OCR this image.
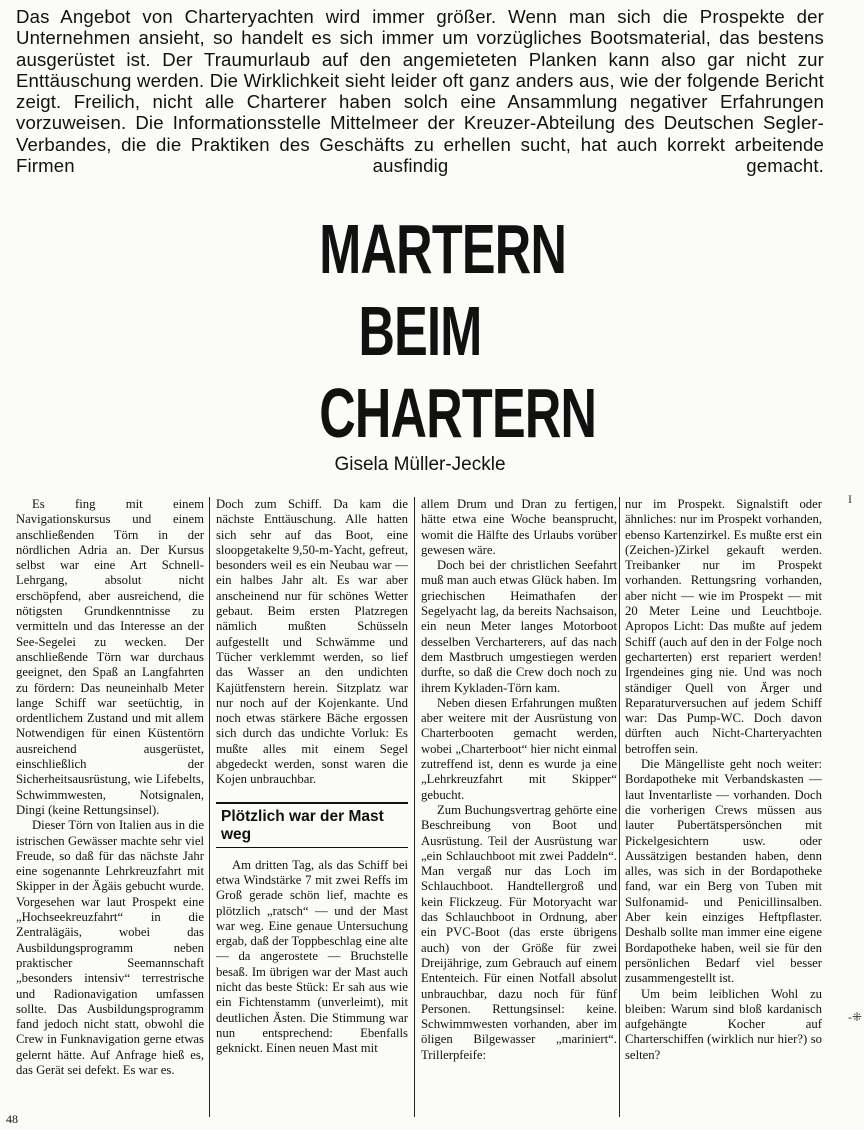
Das Angebot von Charteryachten wird immer größer. Wenn man sich die Prospekte der Unternehmen ansieht, so handelt es sich immer um vorzügliches Bootsmaterial, das bestens ausgerüstet ist. Der Traumurlaub auf den angemieteten Planken kann also gar nicht zur Enttäuschung werden. Die Wirklichkeit sieht leider oft ganz anders aus, wie der folgende Bericht zeigt. Freilich, nicht alle Charterer haben solch eine Ansammlung negativer Erfahrungen vorzuweisen. Die Informationsstelle Mittelmeer der Kreuzer-Abteilung des Deutschen Segler-Verbandes, die die Praktiken des Geschäfts zu erhellen sucht, hat auch korrekt arbeitende Firmen ausfindig gemacht.

MARTERN
BEIM
CHARTERN
Gisela Müller-Jeckle

Es fing mit einem Navigationskursus und einem anschließenden Törn in der nördlichen Adria an. Der Kursus selbst war eine Art Schnell-Lehrgang, absolut nicht erschöpfend, aber ausreichend, die nötigsten Grundkenntnisse zu vermitteln und das Interesse an der See-Segelei zu wecken. Der anschließende Törn war durchaus geeignet, den Spaß an Langfahrten zu fördern: Das neuneinhalb Meter lange Schiff war seetüchtig, in ordentlichem Zustand und mit allem Notwendigen für einen Küstentörn ausreichend ausgerüstet, einschließlich der Sicherheitsausrüstung, wie Lifebelts, Schwimmwesten, Notsignalen, Dingi (keine Rettungsinsel).

Dieser Törn von Italien aus in die istrischen Gewässer machte sehr viel Freude, so daß für das nächste Jahr eine sogenannte Lehrkreuzfahrt mit Skipper in der Ägäis gebucht wurde. Vorgesehen war laut Prospekt eine „Hochseekreuzfahrt“ in die Zentralägäis, wobei das Ausbildungsprogramm neben praktischer Seemannschaft „besonders intensiv“ terrestrische und Radionavigation umfassen sollte. Das Ausbildungsprogramm fand jedoch nicht statt, obwohl die Crew in Funknavigation gerne etwas gelernt hätte. Auf Anfrage hieß es, das Gerät sei defekt. Es war es.

Doch zum Schiff. Da kam die nächste Enttäuschung. Alle hatten sich sehr auf das Boot, eine sloopgetakelte 9,50-m-Yacht, gefreut, besonders weil es ein Neubau war — ein halbes Jahr alt. Es war aber anscheinend nur für schönes Wetter gebaut. Beim ersten Platzregen nämlich mußten Schüsseln aufgestellt und Schwämme und Tücher verklemmt werden, so lief das Wasser an den undichten Kajütfenstern herein. Sitzplatz war nur noch auf der Kojenkante. Und noch etwas stärkere Bäche ergossen sich durch das undichte Vorluk: Es mußte alles mit einem Segel abgedeckt werden, sonst waren die Kojen unbrauchbar.

Plötzlich war der Mast weg

Am dritten Tag, als das Schiff bei etwa Windstärke 7 mit zwei Reffs im Groß gerade schön lief, machte es plötzlich „ratsch“ — und der Mast war weg. Eine genaue Untersuchung ergab, daß der Toppbeschlag eine alte — da angerostete — Bruchstelle besaß. Im übrigen war der Mast auch nicht das beste Stück: Er sah aus wie ein Fichtenstamm (unverleimt), mit deutlichen Ästen. Die Stimmung war nun entsprechend: Ebenfalls geknickt. Einen neuen Mast mit

allem Drum und Dran zu fertigen, hätte etwa eine Woche beansprucht, womit die Hälfte des Urlaubs vorüber gewesen wäre.

Doch bei der christlichen Seefahrt muß man auch etwas Glück haben. Im griechischen Heimathafen der Segelyacht lag, da bereits Nachsaison, ein neun Meter langes Motorboot desselben Vercharterers, auf das nach dem Mastbruch umgestiegen werden durfte, so daß die Crew doch noch zu ihrem Kykladen-Törn kam.

Neben diesen Erfahrungen mußten aber weitere mit der Ausrüstung von Charterbooten gemacht werden, wobei „Charterboot“ hier nicht einmal zutreffend ist, denn es wurde ja eine „Lehrkreuzfahrt mit Skipper“ gebucht.

Zum Buchungsvertrag gehörte eine Beschreibung von Boot und Ausrüstung. Teil der Ausrüstung war „ein Schlauchboot mit zwei Paddeln“. Man vergaß nur das Loch im Schlauchboot. Handtellergroß und kein Flickzeug. Für Motoryacht war das Schlauchboot in Ordnung, aber ein PVC-Boot (das erste übrigens auch) von der Größe für zwei Dreijährige, zum Gebrauch auf einem Ententeich. Für einen Notfall absolut unbrauchbar, dazu noch für fünf Personen. Rettungsinsel: keine. Schwimmwesten vorhanden, aber im öligen Bilgewasser „mariniert“. Trillerpfeife:

nur im Prospekt. Signalstift oder ähnliches: nur im Prospekt vorhanden, ebenso Kartenzirkel. Es mußte erst ein (Zeichen-)Zirkel gekauft werden. Treibanker nur im Prospekt vorhanden. Rettungsring vorhanden, aber nicht — wie im Prospekt — mit 20 Meter Leine und Leuchtboje. Apropos Licht: Das mußte auf jedem Schiff (auch auf den in der Folge noch gecharterten) erst repariert werden! Irgendeines ging nie. Und was noch ständiger Quell von Ärger und Reparaturversuchen auf jedem Schiff war: Das Pump-WC. Doch davon dürften auch Nicht-Charteryachten betroffen sein.

Die Mängelliste geht noch weiter: Bordapotheke mit Verbandskasten — laut Inventarliste — vorhanden. Doch die vorherigen Crews müssen aus lauter Pubertätspersönchen mit Pickelgesichtern usw. oder Aussätzigen bestanden haben, denn alles, was sich in der Bordapotheke fand, war ein Berg von Tuben mit Sulfonamid- und Penicillinsalben. Aber kein einziges Heftpflaster. Deshalb sollte man immer eine eigene Bordapotheke haben, weil sie für den persönlichen Bedarf viel besser zusammengestellt ist.

Um beim leiblichen Wohl zu bleiben: Warum sind bloß kardanisch aufgehängte Kocher auf Charterschiffen (wirklich nur hier?) so selten?

48
I
-⁜
